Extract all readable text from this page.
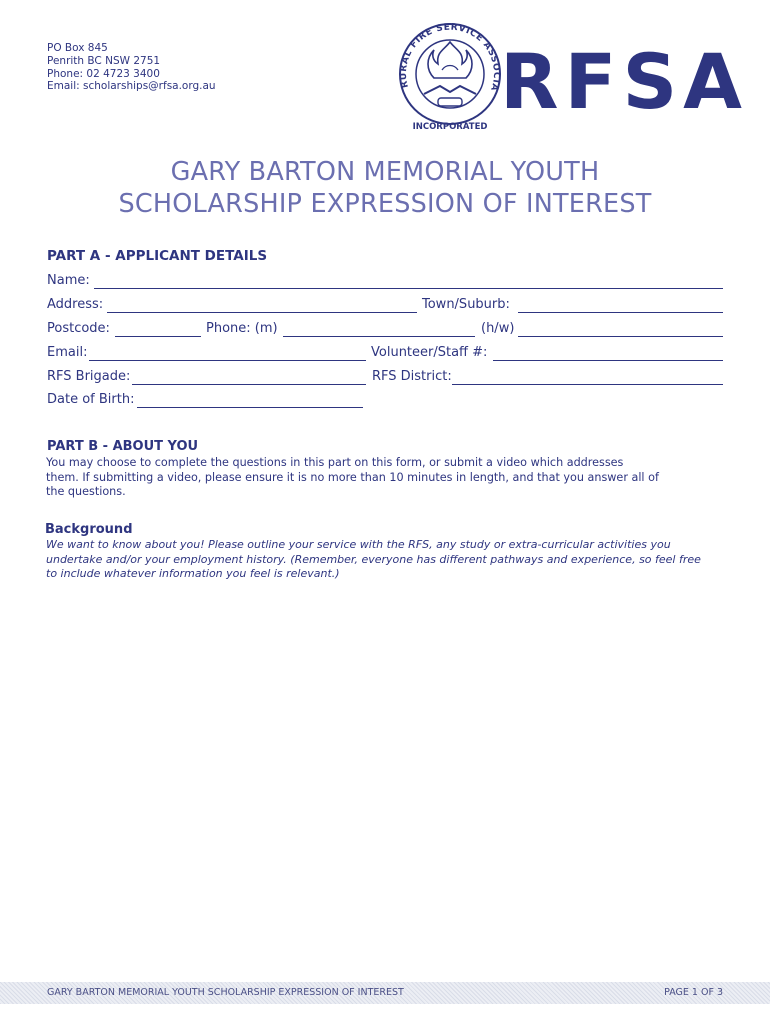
PO Box 845
Penrith BC NSW 2751
Phone: 02 4723 3400
Email: scholarships@rfsa.org.au	RURAL FIRE SERVICE ASSOCIA
INCORPORATED
RFSA
GARY BARTON MEMORIAL YOUTH
SCHOLARSHIP EXPRESSION OF INTEREST
PART A - APPLICANT DETAILS
Name:
Address:	Town/Suburb:
Postcode:	Phone: (m)	(h/w)
Email:	Volunteer/Staff #:
RFS Brigade:	RFS District:
Date of Birth:
PART B - ABOUT YOU
You may choose to complete the questions in this part on this form, or submit a video which addresses
them. If submitting a video, please ensure it is no more than 10 minutes in length, and that you answer all of
the questions.
Background
We want to know about you! Please outline your service with the RFS, any study or extra-curricular activities you
undertake and/or your employment history. (Remember, everyone has different pathways and experience, so feel free
to include whatever information you feel is relevant.)
GARY BARTON MEMORIAL YOUTH SCHOLARSHIP EXPRESSION OF INTEREST	PAGE 1 OF 3
